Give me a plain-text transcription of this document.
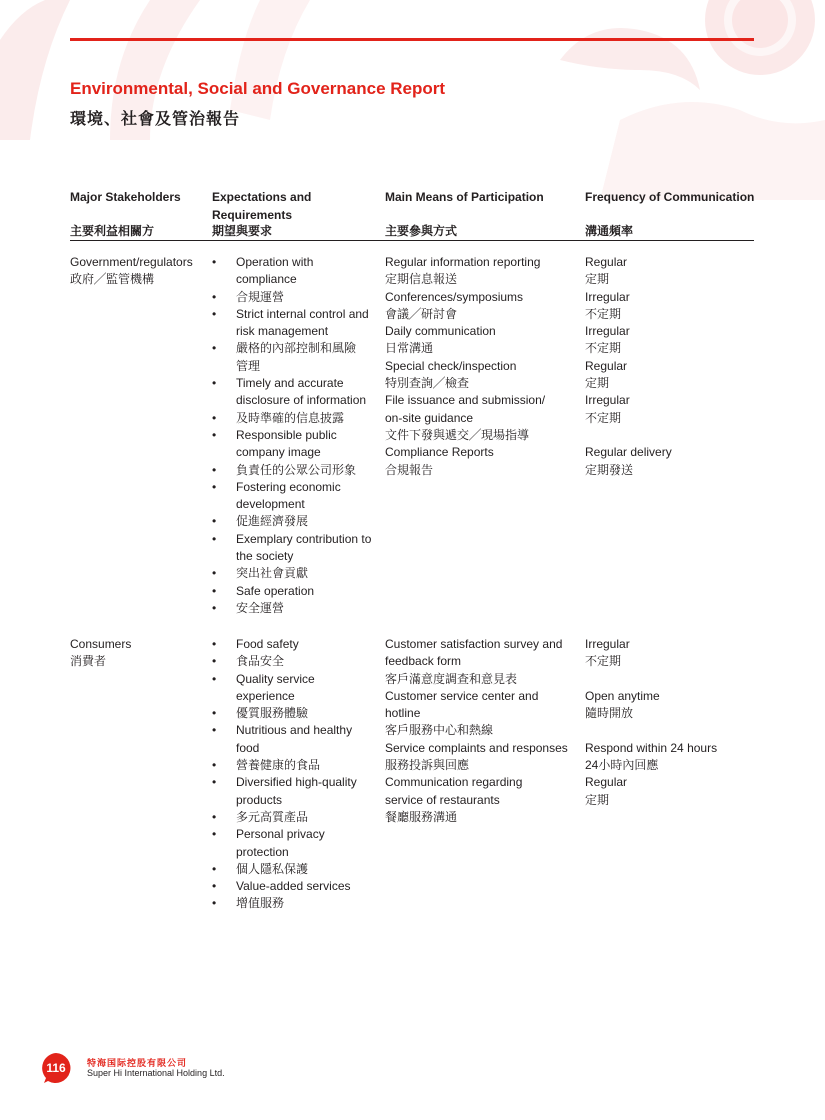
Environmental, Social and Governance Report
環境、社會及管治報告
Major Stakeholders
主要利益相關方
Expectations and
Requirements
期望與要求
Main Means of Participation
主要參與方式
Frequency of Communication
溝通頻率
Government/regulators
政府╱監管機構
• Operation with
compliance
• 合規運營
• Strict internal control and
risk management
• 嚴格的內部控制和風險
管理
• Timely and accurate
disclosure of information
• 及時準確的信息披露
• Responsible public
company image
• 負責任的公眾公司形象
• Fostering economic
development
• 促進經濟發展
• Exemplary contribution to
the society
• 突出社會貢獻
• Safe operation
• 安全運營
Regular information reporting
定期信息報送
Conferences/symposiums
會議╱研討會
Daily communication
日常溝通
Special check/inspection
特別查詢╱檢查
File issuance and submission/
on-site guidance
文件下發與遞交╱現場指導
Compliance Reports
合規報告
Regular
定期
Irregular
不定期
Irregular
不定期
Regular
定期
Irregular
不定期
Regular delivery
定期發送
Consumers
消費者
• Food safety
• 食品安全
• Quality service
experience
• 優質服務體驗
• Nutritious and healthy
food
• 營養健康的食品
• Diversified high-quality
products
• 多元高質產品
• Personal privacy
protection
• 個人隱私保護
• Value-added services
• 增值服務
Customer satisfaction survey and
feedback form
客戶滿意度調查和意見表
Customer service center and
hotline
客戶服務中心和熱線
Service complaints and responses
服務投訴與回應
Communication regarding
service of restaurants
餐廳服務溝通
Irregular
不定期
Open anytime
隨時開放
Respond within 24 hours
24小時內回應
Regular
定期
116	特海国际控股有限公司
Super Hi International Holding Ltd.
